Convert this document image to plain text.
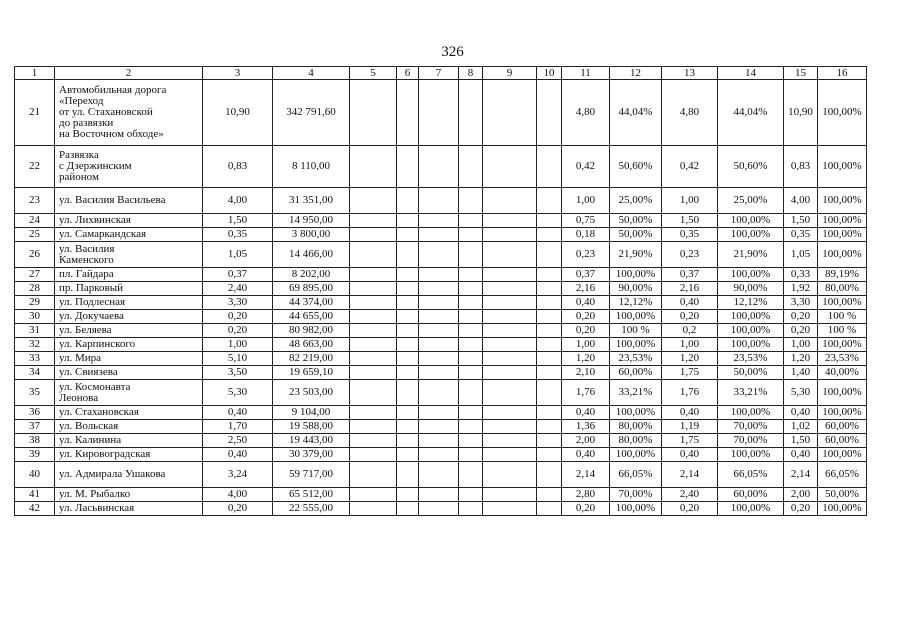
326
1	2	3	4	5	6	7	8	9	10	11	12	13	14	15	16
21	Автомобильная дорога
«Переход
от ул. Стахановской
до развязки
на Восточном обходе»	10,90	342 791,60							4,80	44,04%	4,80	44,04%	10,90	100,00%
22	Развязка
с Дзержинским
районом	0,83	8 110,00							0,42	50,60%	0,42	50,60%	0,83	100,00%
23	ул. Василия Васильева	4,00	31 351,00							1,00	25,00%	1,00	25,00%	4,00	100,00%
24	ул. Лихвинская	1,50	14 950,00							0,75	50,00%	1,50	100,00%	1,50	100,00%
25	ул. Самаркандская	0,35	3 800,00							0,18	50,00%	0,35	100,00%	0,35	100,00%
26	ул. Василия
Каменского	1,05	14 466,00							0,23	21,90%	0,23	21,90%	1,05	100,00%
27	пл. Гайдара	0,37	8 202,00							0,37	100,00%	0,37	100,00%	0,33	89,19%
28	пр. Парковый	2,40	69 895,00							2,16	90,00%	2,16	90,00%	1,92	80,00%
29	ул. Подлесная	3,30	44 374,00							0,40	12,12%	0,40	12,12%	3,30	100,00%
30	ул. Докучаева	0,20	44 655,00							0,20	100,00%	0,20	100,00%	0,20	100 %
31	ул. Беляева	0,20	80 982,00							0,20	100 %	0,2	100,00%	0,20	100 %
32	ул. Карпинского	1,00	48 663,00							1,00	100,00%	1,00	100,00%	1,00	100,00%
33	ул. Мира	5,10	82 219,00							1,20	23,53%	1,20	23,53%	1,20	23,53%
34	ул. Свиязева	3,50	19 659,10							2,10	60,00%	1,75	50,00%	1,40	40,00%
35	ул. Космонавта
Леонова	5,30	23 503,00							1,76	33,21%	1,76	33,21%	5,30	100,00%
36	ул. Стахановская	0,40	9 104,00							0,40	100,00%	0,40	100,00%	0,40	100,00%
37	ул. Вольская	1,70	19 588,00							1,36	80,00%	1,19	70,00%	1,02	60,00%
38	ул. Калинина	2,50	19 443,00							2,00	80,00%	1,75	70,00%	1,50	60,00%
39	ул. Кировоградская	0,40	30 379,00							0,40	100,00%	0,40	100,00%	0,40	100,00%
40	ул. Адмирала Ушакова	3,24	59 717,00							2,14	66,05%	2,14	66,05%	2,14	66,05%
41	ул. М. Рыбалко	4,00	65 512,00							2,80	70,00%	2,40	60,00%	2,00	50,00%
42	ул. Ласьвинская	0,20	22 555,00							0,20	100,00%	0,20	100,00%	0,20	100,00%
